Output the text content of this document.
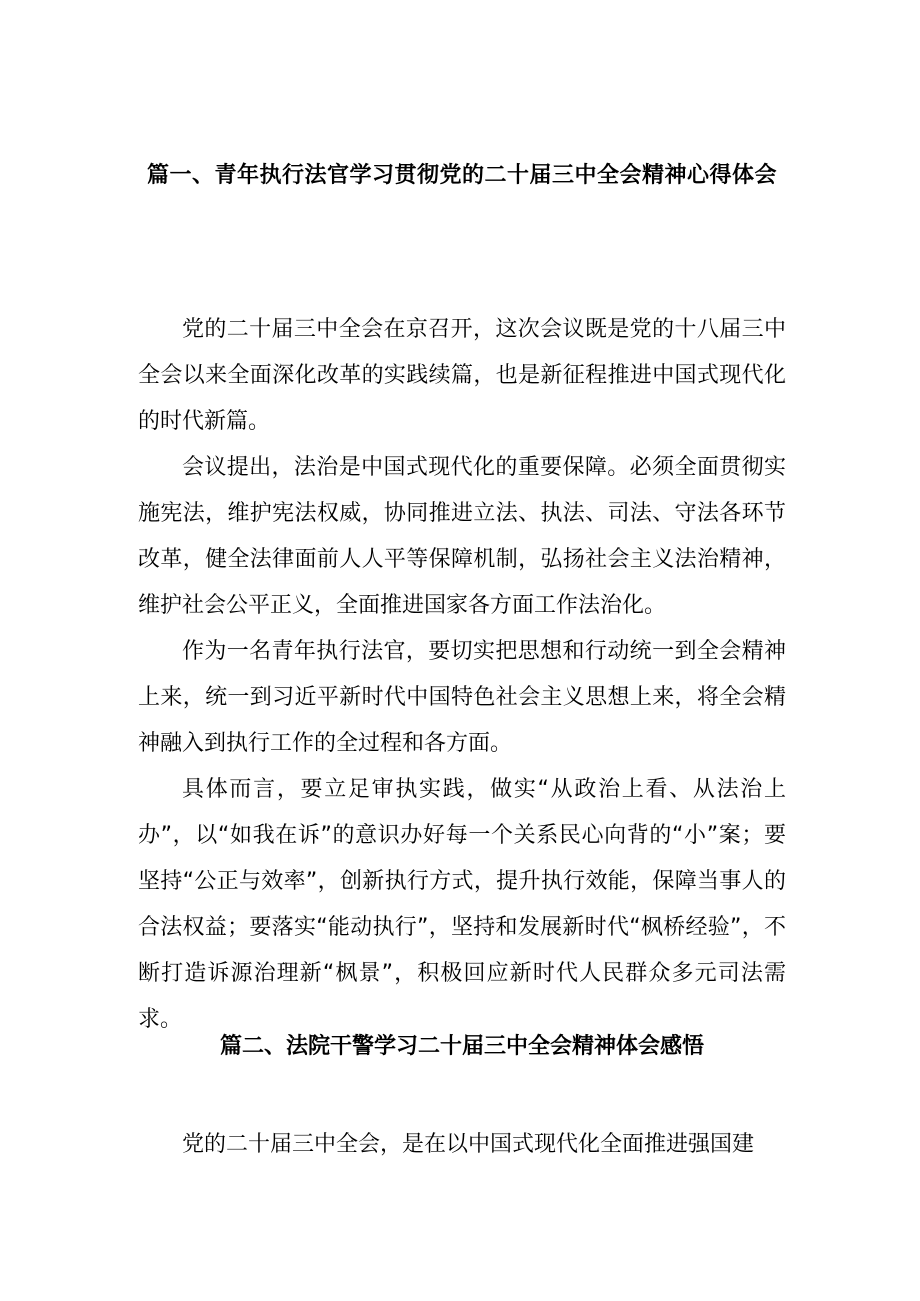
篇一、青年执行法官学习贯彻党的二十届三中全会精神心得体会

党的二十届三中全会在京召开，这次会议既是党的十八届三中全会以来全面深化改革的实践续篇，也是新征程推进中国式现代化的时代新篇。

会议提出，法治是中国式现代化的重要保障。必须全面贯彻实施宪法，维护宪法权威，协同推进立法、执法、司法、守法各环节改革，健全法律面前人人平等保障机制，弘扬社会主义法治精神，维护社会公平正义，全面推进国家各方面工作法治化。

作为一名青年执行法官，要切实把思想和行动统一到全会精神上来，统一到习近平新时代中国特色社会主义思想上来，将全会精神融入到执行工作的全过程和各方面。

具体而言，要立足审执实践，做实“从政治上看、从法治上办”，以“如我在诉”的意识办好每一个关系民心向背的“小”案；要坚持“公正与效率”，创新执行方式，提升执行效能，保障当事人的合法权益；要落实“能动执行”，坚持和发展新时代“枫桥经验”，不断打造诉源治理新“枫景”，积极回应新时代人民群众多元司法需求。

篇二、法院干警学习二十届三中全会精神体会感悟

党的二十届三中全会，是在以中国式现代化全面推进强国建
